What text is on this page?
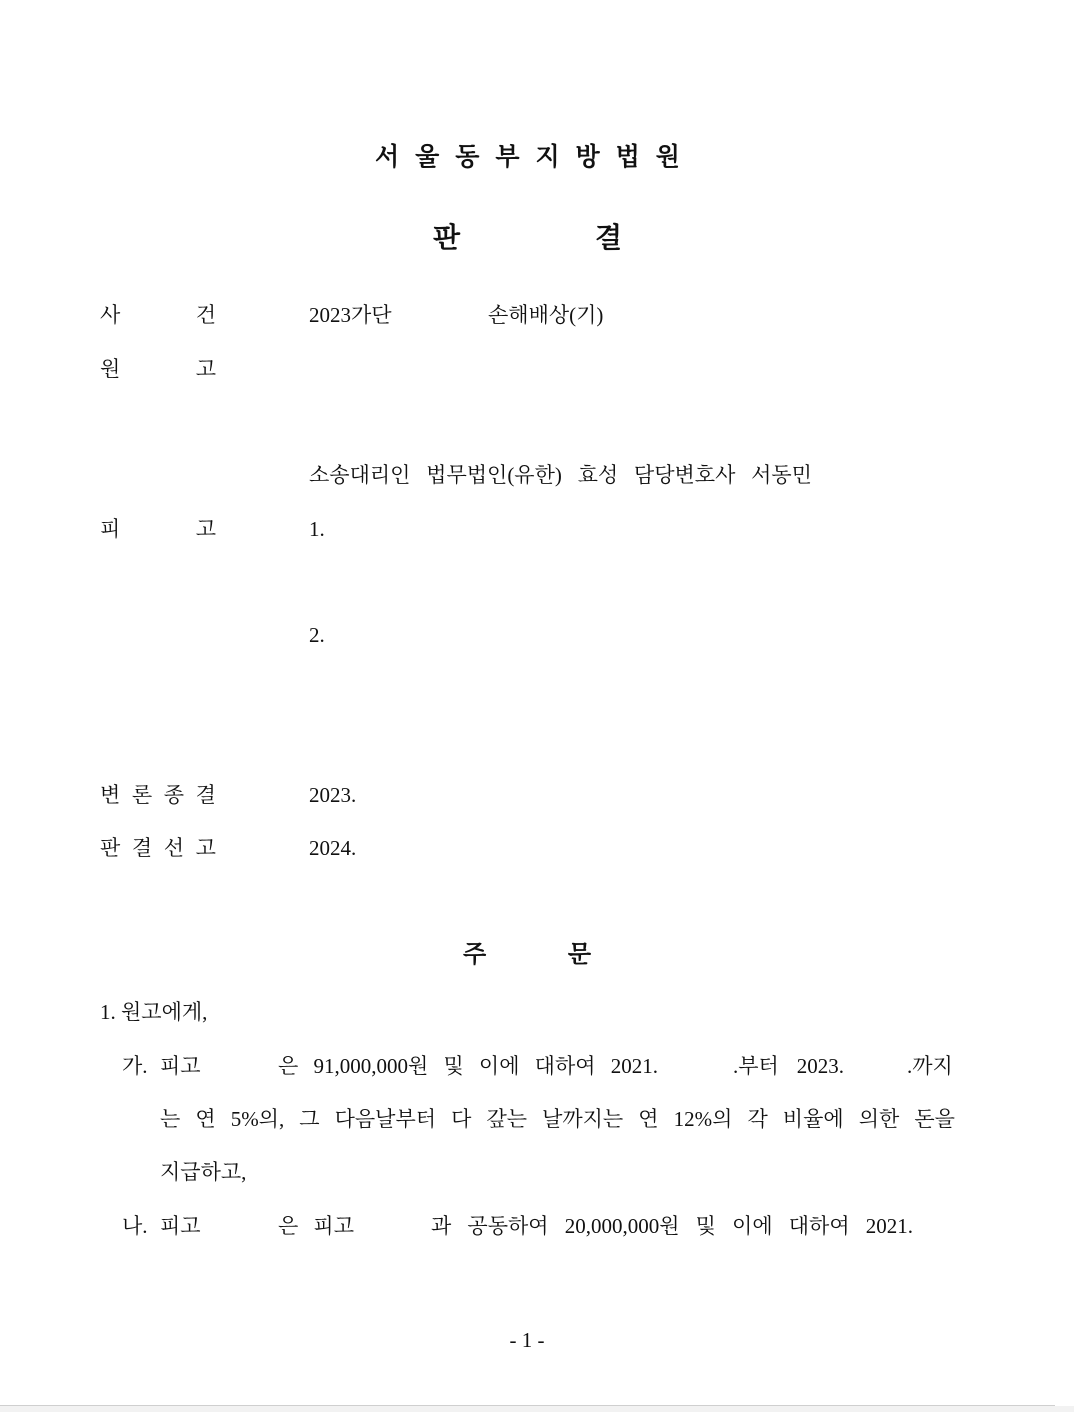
서 울 동 부 지 방 법 원
판	결
사	건	2023가단	손해배상(기)
원	고
소송대리인 법무법인(유한) 효성 담당변호사 서동민
피	고	1.
2.
변 론 종 결	2023.
판 결 선 고	2024.
주	문
1. 원고에게,
가. 피고	은 91,000,000원 및 이에 대하여 2021.	.부터 2023.	.까지
는 연 5%의, 그 다음날부터 다 갚는 날까지는 연 12%의 각 비율에 의한 돈을
지급하고,
나. 피고	은 피고	과 공동하여 20,000,000원 및 이에 대하여 2021.
- 1 -
